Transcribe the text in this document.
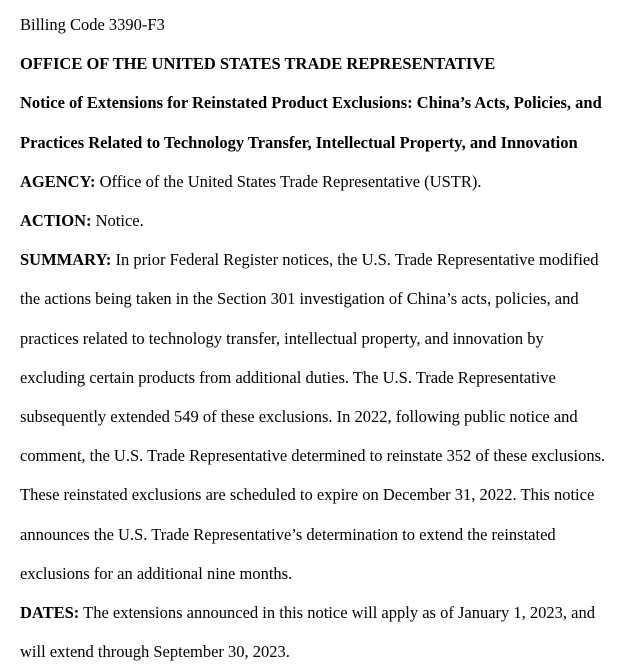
Billing Code 3390-F3
OFFICE OF THE UNITED STATES TRADE REPRESENTATIVE
Notice of Extensions for Reinstated Product Exclusions: China’s Acts, Policies, and
Practices Related to Technology Transfer, Intellectual Property, and Innovation
AGENCY: Office of the United States Trade Representative (USTR).
ACTION: Notice.
SUMMARY: In prior Federal Register notices, the U.S. Trade Representative modified
the actions being taken in the Section 301 investigation of China’s acts, policies, and
practices related to technology transfer, intellectual property, and innovation by
excluding certain products from additional duties. The U.S. Trade Representative
subsequently extended 549 of these exclusions. In 2022, following public notice and
comment, the U.S. Trade Representative determined to reinstate 352 of these exclusions.
These reinstated exclusions are scheduled to expire on December 31, 2022. This notice
announces the U.S. Trade Representative’s determination to extend the reinstated
exclusions for an additional nine months.
DATES: The extensions announced in this notice will apply as of January 1, 2023, and
will extend through September 30, 2023.
